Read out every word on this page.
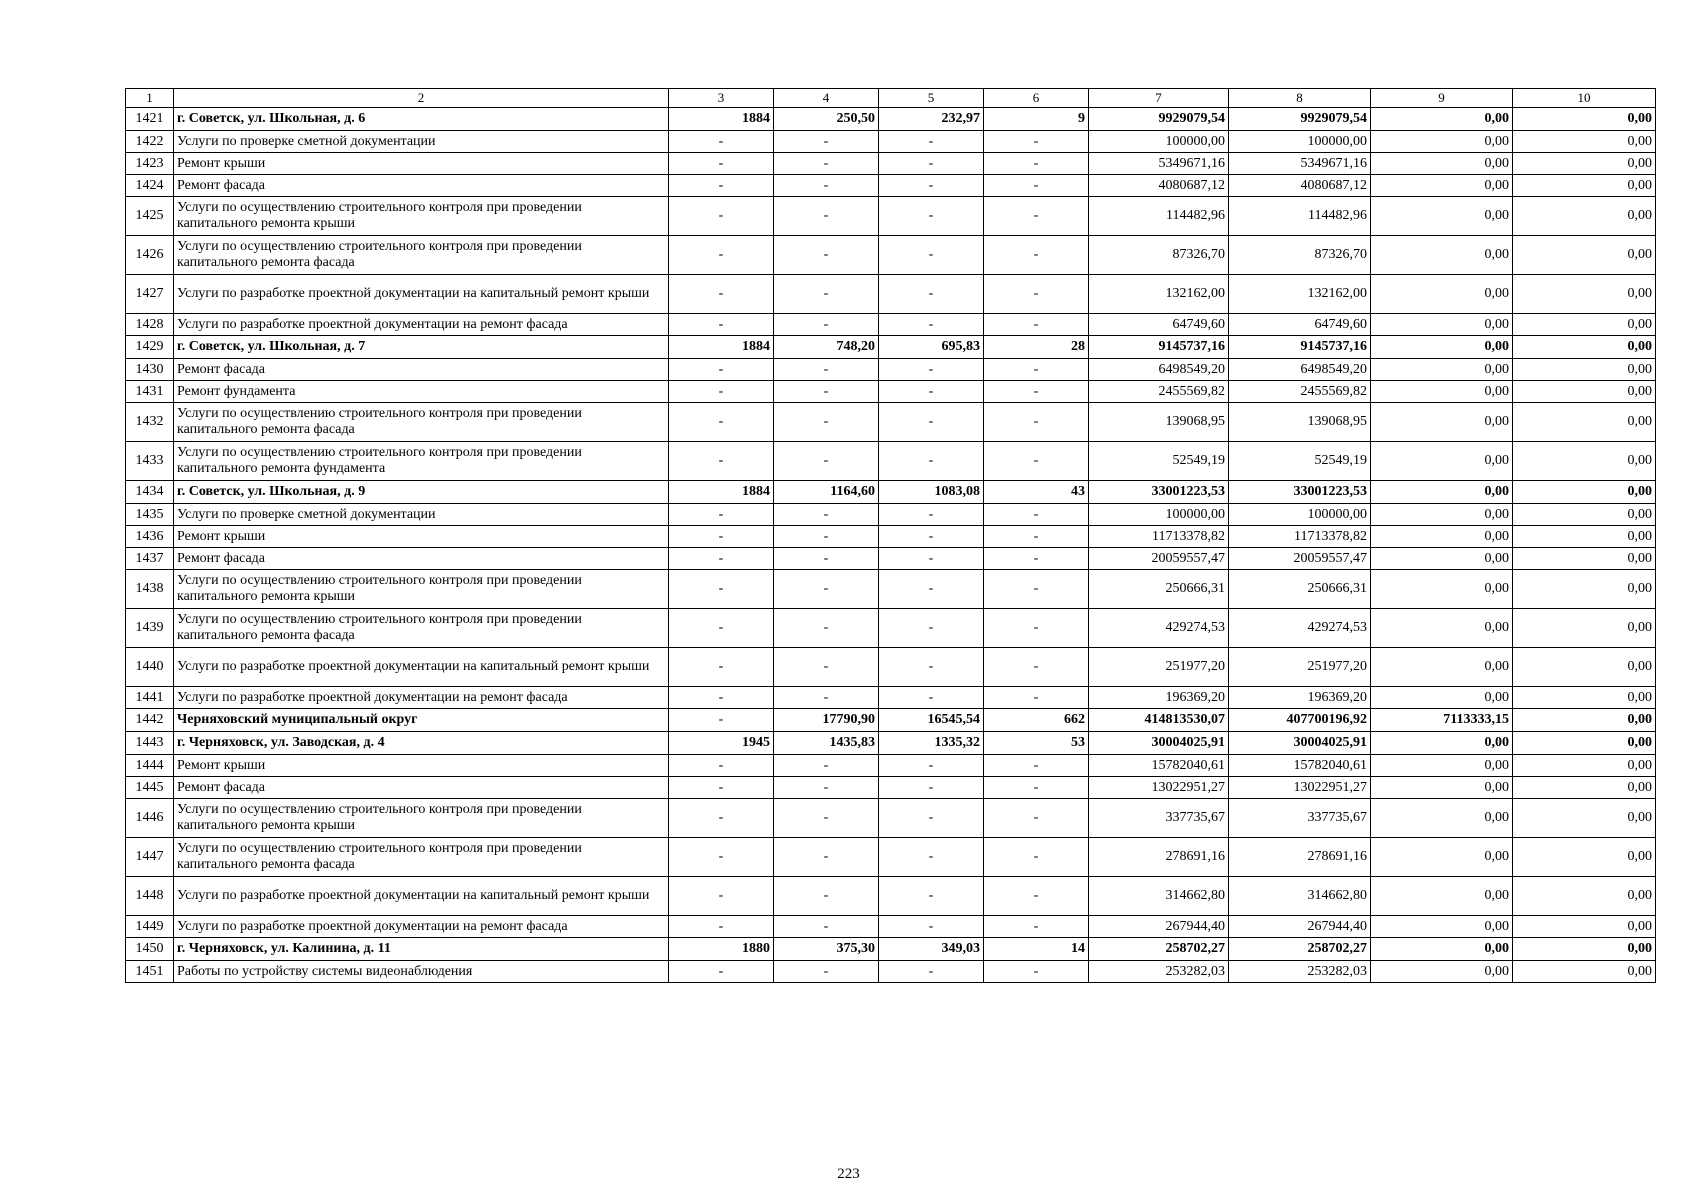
1	2	3	4	5	6	7	8	9	10
1421	г. Советск, ул. Школьная, д. 6	1884	250,50	232,97	9	9929079,54	9929079,54	0,00	0,00
1422	Услуги по проверке сметной документации	-	-	-	-	100000,00	100000,00	0,00	0,00
1423	Ремонт крыши	-	-	-	-	5349671,16	5349671,16	0,00	0,00
1424	Ремонт фасада	-	-	-	-	4080687,12	4080687,12	0,00	0,00
1425	Услуги по осуществлению строительного контроля при проведении капитального ремонта крыши	-	-	-	-	114482,96	114482,96	0,00	0,00
1426	Услуги по осуществлению строительного контроля при проведении капитального ремонта фасада	-	-	-	-	87326,70	87326,70	0,00	0,00
1427	Услуги по разработке проектной документации на капитальный ремонт крыши	-	-	-	-	132162,00	132162,00	0,00	0,00
1428	Услуги по разработке проектной документации на ремонт фасада	-	-	-	-	64749,60	64749,60	0,00	0,00
1429	г. Советск, ул. Школьная, д. 7	1884	748,20	695,83	28	9145737,16	9145737,16	0,00	0,00
1430	Ремонт фасада	-	-	-	-	6498549,20	6498549,20	0,00	0,00
1431	Ремонт фундамента	-	-	-	-	2455569,82	2455569,82	0,00	0,00
1432	Услуги по осуществлению строительного контроля при проведении капитального ремонта фасада	-	-	-	-	139068,95	139068,95	0,00	0,00
1433	Услуги по осуществлению строительного контроля при проведении капитального ремонта фундамента	-	-	-	-	52549,19	52549,19	0,00	0,00
1434	г. Советск, ул. Школьная, д. 9	1884	1164,60	1083,08	43	33001223,53	33001223,53	0,00	0,00
1435	Услуги по проверке сметной документации	-	-	-	-	100000,00	100000,00	0,00	0,00
1436	Ремонт крыши	-	-	-	-	11713378,82	11713378,82	0,00	0,00
1437	Ремонт фасада	-	-	-	-	20059557,47	20059557,47	0,00	0,00
1438	Услуги по осуществлению строительного контроля при проведении капитального ремонта крыши	-	-	-	-	250666,31	250666,31	0,00	0,00
1439	Услуги по осуществлению строительного контроля при проведении капитального ремонта фасада	-	-	-	-	429274,53	429274,53	0,00	0,00
1440	Услуги по разработке проектной документации на капитальный ремонт крыши	-	-	-	-	251977,20	251977,20	0,00	0,00
1441	Услуги по разработке проектной документации на ремонт фасада	-	-	-	-	196369,20	196369,20	0,00	0,00
1442	Черняховский муниципальный округ	-	17790,90	16545,54	662	414813530,07	407700196,92	7113333,15	0,00
1443	г. Черняховск, ул. Заводская, д. 4	1945	1435,83	1335,32	53	30004025,91	30004025,91	0,00	0,00
1444	Ремонт крыши	-	-	-	-	15782040,61	15782040,61	0,00	0,00
1445	Ремонт фасада	-	-	-	-	13022951,27	13022951,27	0,00	0,00
1446	Услуги по осуществлению строительного контроля при проведении капитального ремонта крыши	-	-	-	-	337735,67	337735,67	0,00	0,00
1447	Услуги по осуществлению строительного контроля при проведении капитального ремонта фасада	-	-	-	-	278691,16	278691,16	0,00	0,00
1448	Услуги по разработке проектной документации на капитальный ремонт крыши	-	-	-	-	314662,80	314662,80	0,00	0,00
1449	Услуги по разработке проектной документации на ремонт фасада	-	-	-	-	267944,40	267944,40	0,00	0,00
1450	г. Черняховск, ул. Калинина, д. 11	1880	375,30	349,03	14	258702,27	258702,27	0,00	0,00
1451	Работы по устройству системы видеонаблюдения	-	-	-	-	253282,03	253282,03	0,00	0,00
223
